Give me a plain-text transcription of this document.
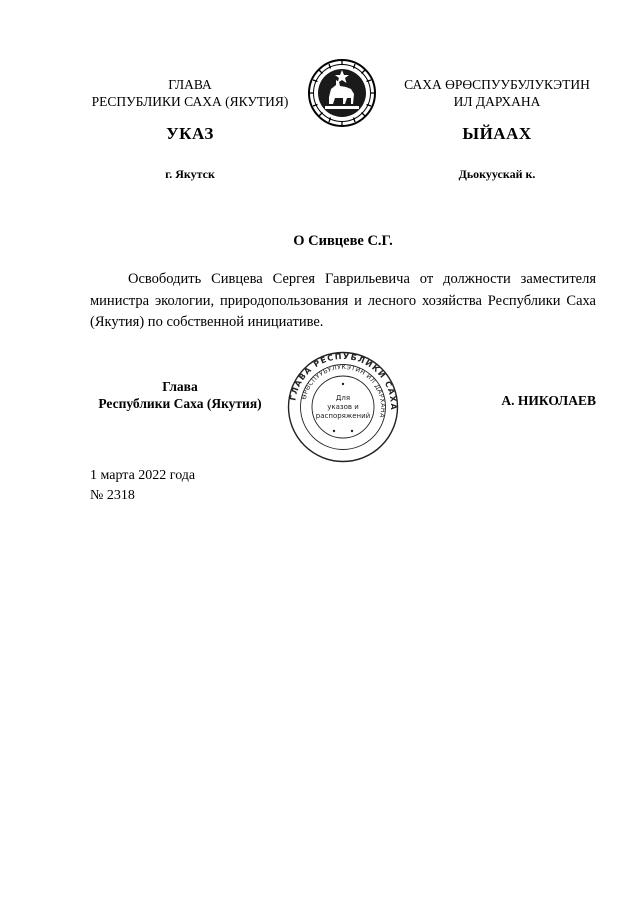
ГЛАВА
РЕСПУБЛИКИ САХА (ЯКУТИЯ)
САХА ӨРӨСПУУБУЛУКЭТИН
ИЛ ДАРХАНА
УКАЗ	ЫЙААХ
г. Якутск	Дьокуускай к.
О Сивцеве С.Г.
Освободить Сивцева Сергея Гаврильевича от должности заместителя министра экологии, природопользования и лесного хозяйства Республики Саха (Якутия) по собственной инициативе.
Глава
Республики Саха (Якутия)	ГЛАВА РЕСПУБЛИКИ САХА
ӨРӨСПУУБУЛУКЭТИН ИЛ ДАРХАНА
Для
указов и
распоряжений
А. НИКОЛАЕВ
1 марта 2022 года
№ 2318
